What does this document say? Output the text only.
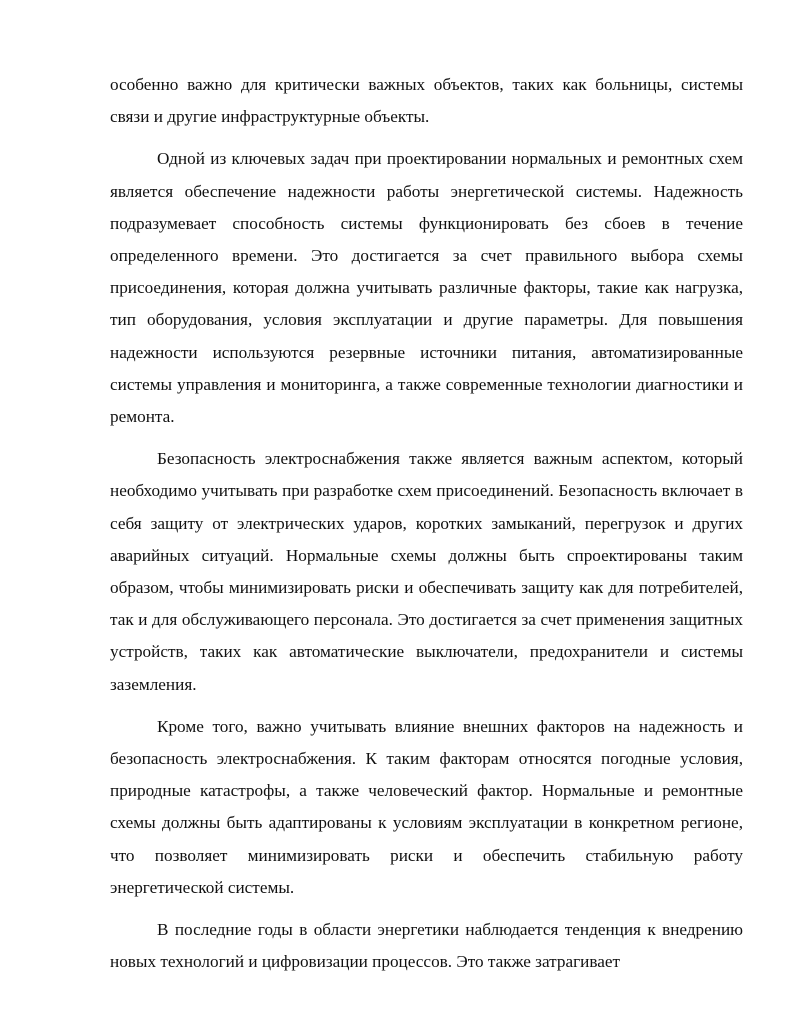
особенно важно для критически важных объектов, таких как больницы, системы связи и другие инфраструктурные объекты.

Одной из ключевых задач при проектировании нормальных и ремонтных схем является обеспечение надежности работы энергетической системы. Надежность подразумевает способность системы функционировать без сбоев в течение определенного времени. Это достигается за счет правильного выбора схемы присоединения, которая должна учитывать различные факторы, такие как нагрузка, тип оборудования, условия эксплуатации и другие параметры. Для повышения надежности используются резервные источники питания, автоматизированные системы управления и мониторинга, а также современные технологии диагностики и ремонта.

Безопасность электроснабжения также является важным аспектом, который необходимо учитывать при разработке схем присоединений. Безопасность включает в себя защиту от электрических ударов, коротких замыканий, перегрузок и других аварийных ситуаций. Нормальные схемы должны быть спроектированы таким образом, чтобы минимизировать риски и обеспечивать защиту как для потребителей, так и для обслуживающего персонала. Это достигается за счет применения защитных устройств, таких как автоматические выключатели, предохранители и системы заземления.

Кроме того, важно учитывать влияние внешних факторов на надежность и безопасность электроснабжения. К таким факторам относятся погодные условия, природные катастрофы, а также человеческий фактор. Нормальные и ремонтные схемы должны быть адаптированы к условиям эксплуатации в конкретном регионе, что позволяет минимизировать риски и обеспечить стабильную работу энергетической системы.

В последние годы в области энергетики наблюдается тенденция к внедрению новых технологий и цифровизации процессов. Это также затрагивает
